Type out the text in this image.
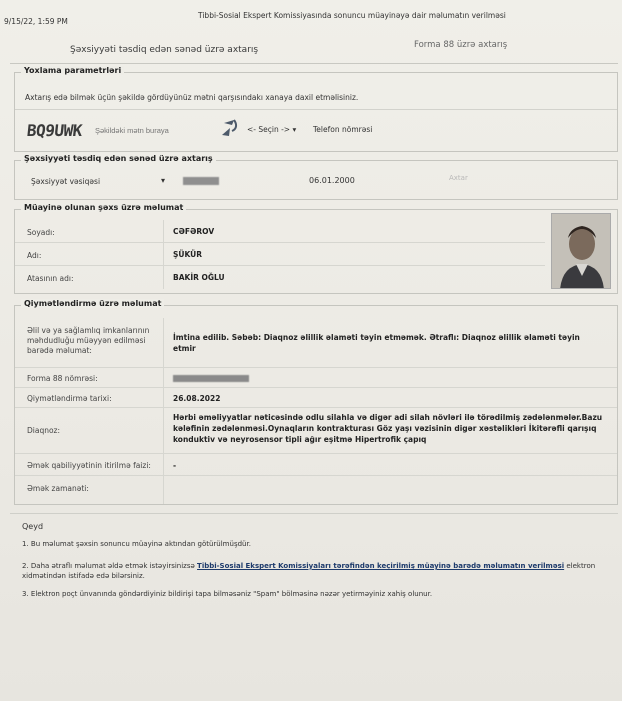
9/15/22, 1:59 PM
Tibbi-Sosial Ekspert Komissiyasında sonuncu müayinəyə dair məlumatın verilməsi
Şəxsiyyəti təsdiq edən sənəd üzrə axtarış	Forma 88 üzrə axtarış
Yoxlama parametrləri
Axtarış edə bilmək üçün şəkildə gördüyünüz mətni qarşısındakı xanaya daxil etməlisiniz.
BQ9UWK
Şəkildəki mətn buraya	<- Seçin -> ▾ Telefon nömrəsi
Şəxsiyyəti təsdiq edən sənəd üzrə axtarış
Şəxsiyyət vəsiqəsi	▾	06.01.2000	Axtar
Müayinə olunan şəxs üzrə məlumat
Soyadı:	CƏFƏROV
Adı:	ŞÜKÜR
Atasının adı:	BAKİR OĞLU
Qiymətləndirmə üzrə məlumat
Əlil və ya sağlamlıq imkanlarının məhdudluğu müəyyən edilməsi barədə məlumat:
İmtina edilib. Səbəb: Diaqnoz əlillik əlaməti təyin etməmək. Ətraflı: Diaqnoz əlillik əlaməti təyin etmir
Forma 88 nömrəsi:
Qiymətləndirmə tarixi:	26.08.2022
Diaqnoz:
Hərbi əməliyyatlar nəticəsində odlu silahla və digər adi silah növləri ilə törədilmiş zədələnmələr.Bazu kələfinin zədələnməsi.Oynaqların kontrakturası Göz yaşı vəzisinin digər xəstəlikləri İkitərəfli qarışıq konduktiv və neyrosensor tipli ağır eşitmə Hipertrofik çapıq
Əmək qabiliyyətinin itirilmə faizi:	-
Əmək zamanəti:
Qeyd
1. Bu məlumat şəxsin sonuncu müayinə aktından götürülmüşdür.
2. Daha ətraflı məlumat əldə etmək istəyirsinizsə Tibbi-Sosial Ekspert Komissiyaları tərəfindən keçirilmiş müayinə barədə məlumatın verilməsi elektron xidmətindən istifadə edə bilərsiniz.
3. Elektron poçt ünvanında göndərdiyiniz bildirişi tapa bilməsəniz "Spam" bölməsinə nəzər yetirməyiniz xahiş olunur.
